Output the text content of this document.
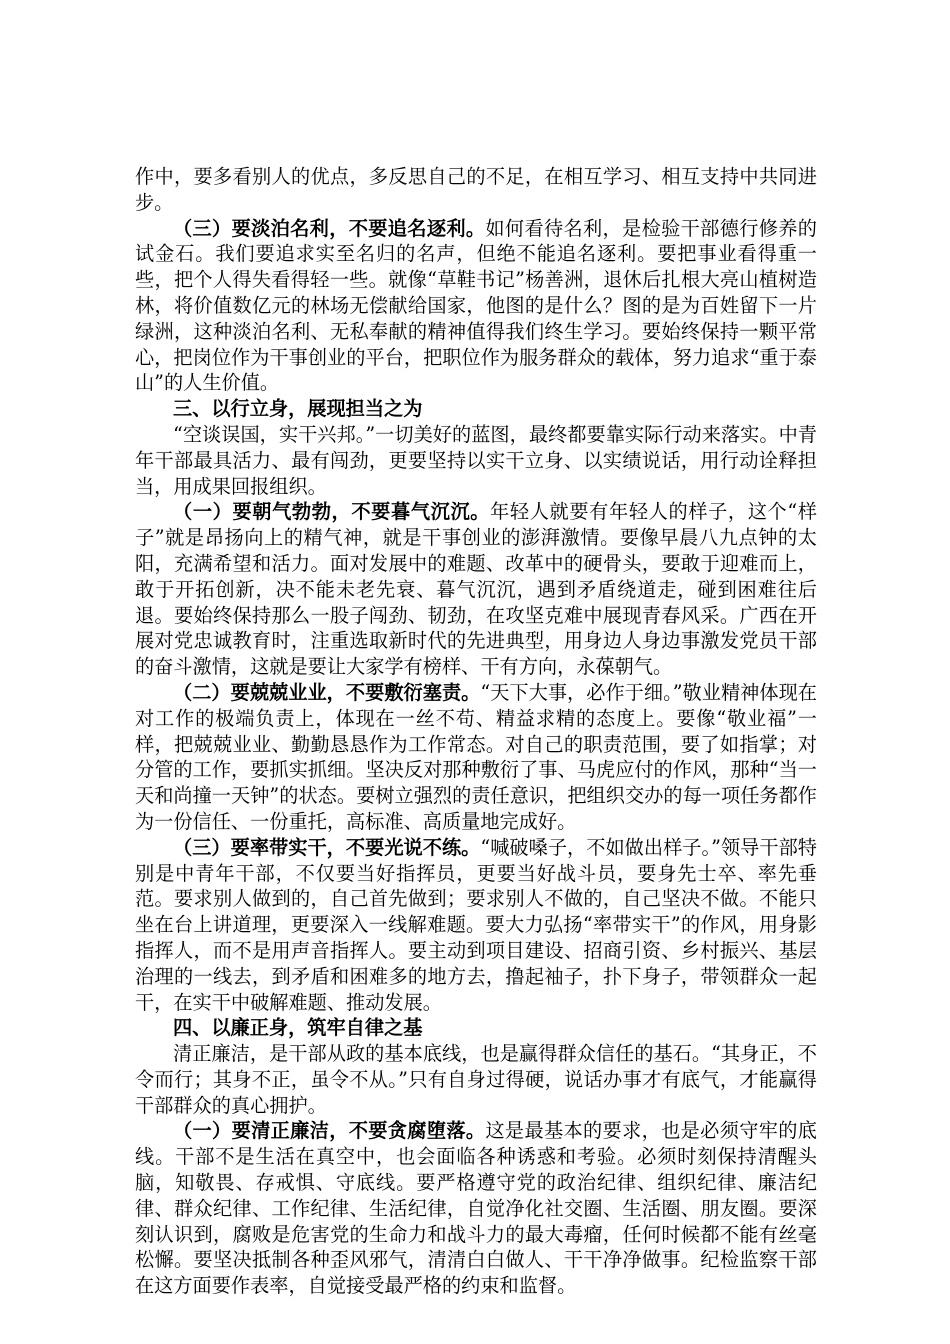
作中，要多看别人的优点，多反思自己的不足，在相互学习、相互支持中共同进步。

（三）要淡泊名利，不要追名逐利。如何看待名利，是检验干部德行修养的试金石。我们要追求实至名归的名声，但绝不能追名逐利。要把事业看得重一些，把个人得失看得轻一些。就像“草鞋书记”杨善洲，退休后扎根大亮山植树造林，将价值数亿元的林场无偿献给国家，他图的是什么？图的是为百姓留下一片绿洲，这种淡泊名利、无私奉献的精神值得我们终生学习。要始终保持一颗平常心，把岗位作为干事创业的平台，把职位作为服务群众的载体，努力追求“重于泰山”的人生价值。

三、以行立身，展现担当之为

“空谈误国，实干兴邦。”一切美好的蓝图，最终都要靠实际行动来落实。中青年干部最具活力、最有闯劲，更要坚持以实干立身、以实绩说话，用行动诠释担当，用成果回报组织。

（一）要朝气勃勃，不要暮气沉沉。年轻人就要有年轻人的样子，这个“样子”就是昂扬向上的精气神，就是干事创业的澎湃激情。要像早晨八九点钟的太阳，充满希望和活力。面对发展中的难题、改革中的硬骨头，要敢于迎难而上，敢于开拓创新，决不能未老先衰、暮气沉沉，遇到矛盾绕道走，碰到困难往后退。要始终保持那么一股子闯劲、韧劲，在攻坚克难中展现青春风采。广西在开展对党忠诚教育时，注重选取新时代的先进典型，用身边人身边事激发党员干部的奋斗激情，这就是要让大家学有榜样、干有方向，永葆朝气。

（二）要兢兢业业，不要敷衍塞责。“天下大事，必作于细。”敬业精神体现在对工作的极端负责上，体现在一丝不苟、精益求精的态度上。要像“敬业福”一样，把兢兢业业、勤勤恳恳作为工作常态。对自己的职责范围，要了如指掌；对分管的工作，要抓实抓细。坚决反对那种敷衍了事、马虎应付的作风，那种“当一天和尚撞一天钟”的状态。要树立强烈的责任意识，把组织交办的每一项任务都作为一份信任、一份重托，高标准、高质量地完成好。

（三）要率带实干，不要光说不练。“喊破嗓子，不如做出样子。”领导干部特别是中青年干部，不仅要当好指挥员，更要当好战斗员，要身先士卒、率先垂范。要求别人做到的，自己首先做到；要求别人不做的，自己坚决不做。不能只坐在台上讲道理，更要深入一线解难题。要大力弘扬“率带实干”的作风，用身影指挥人，而不是用声音指挥人。要主动到项目建设、招商引资、乡村振兴、基层治理的一线去，到矛盾和困难多的地方去，撸起袖子，扑下身子，带领群众一起干，在实干中破解难题、推动发展。

四、以廉正身，筑牢自律之基

清正廉洁，是干部从政的基本底线，也是赢得群众信任的基石。“其身正，不令而行；其身不正，虽令不从。”只有自身过得硬，说话办事才有底气，才能赢得干部群众的真心拥护。

（一）要清正廉洁，不要贪腐堕落。这是最基本的要求，也是必须守牢的底线。干部不是生活在真空中，也会面临各种诱惑和考验。必须时刻保持清醒头脑，知敬畏、存戒惧、守底线。要严格遵守党的政治纪律、组织纪律、廉洁纪律、群众纪律、工作纪律、生活纪律，自觉净化社交圈、生活圈、朋友圈。要深刻认识到，腐败是危害党的生命力和战斗力的最大毒瘤，任何时候都不能有丝毫松懈。要坚决抵制各种歪风邪气，清清白白做人、干干净净做事。纪检监察干部在这方面要作表率，自觉接受最严格的约束和监督。
